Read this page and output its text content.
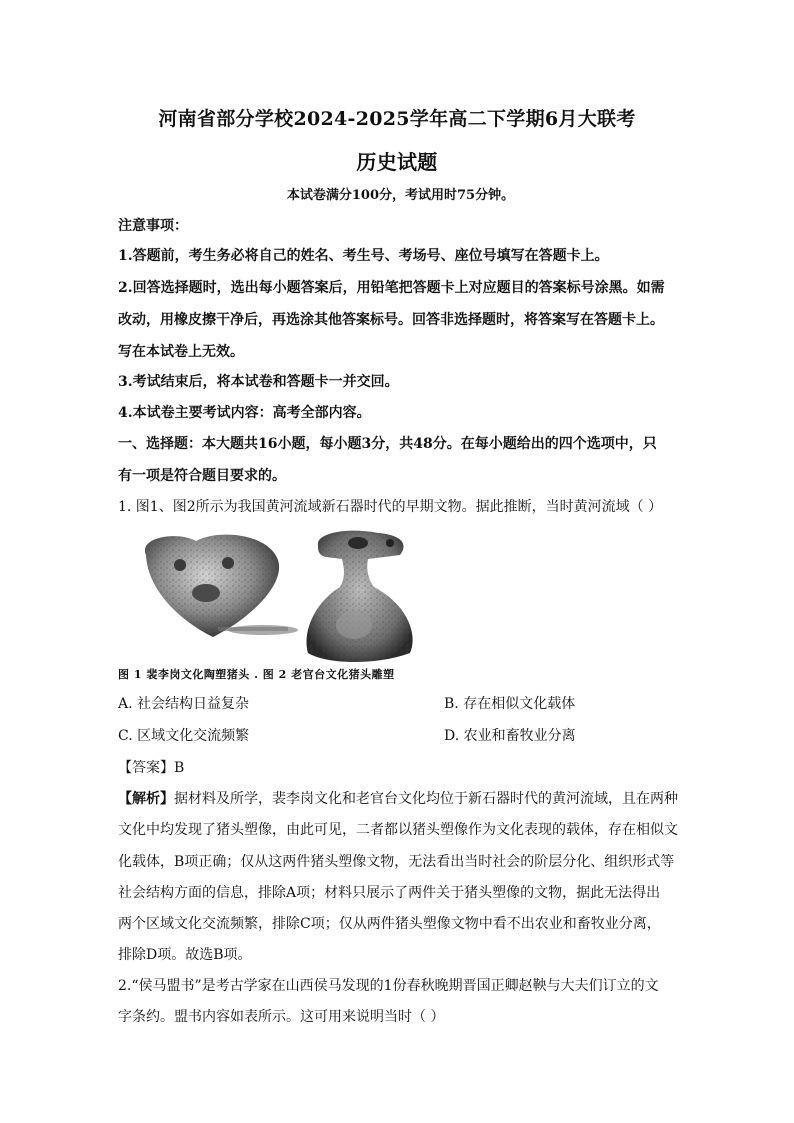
河南省部分学校2024-2025学年高二下学期6月大联考
历史试题
本试卷满分100分，考试用时75分钟。
注意事项：
1.答题前，考生务必将自己的姓名、考生号、考场号、座位号填写在答题卡上。
2.回答选择题时，选出每小题答案后，用铅笔把答题卡上对应题目的答案标号涂黑。如需
改动，用橡皮擦干净后，再选涂其他答案标号。回答非选择题时，将答案写在答题卡上。
写在本试卷上无效。
3.考试结束后，将本试卷和答题卡一并交回。
4.本试卷主要考试内容：高考全部内容。
一、选择题：本大题共16小题，每小题3分，共48分。在每小题给出的四个选项中，只
有一项是符合题目要求的。
1. 图1、图2所示为我国黄河流域新石器时代的早期文物。据此推断，当时黄河流域（ ）
图 1 裴李岗文化陶塑猪头 . 图 2 老官台文化猪头雕塑
A. 社会结构日益复杂	B. 存在相似文化载体
C. 区域文化交流频繁	D. 农业和畜牧业分离
【答案】B
【解析】据材料及所学，裴李岗文化和老官台文化均位于新石器时代的黄河流域，且在两种
文化中均发现了猪头塑像，由此可见，二者都以猪头塑像作为文化表现的载体，存在相似文
化载体，B项正确；仅从这两件猪头塑像文物，无法看出当时社会的阶层分化、组织形式等
社会结构方面的信息，排除A项；材料只展示了两件关于猪头塑像的文物，据此无法得出
两个区域文化交流频繁，排除C项；仅从两件猪头塑像文物中看不出农业和畜牧业分离，
排除D项。故选B项。
2.“侯马盟书”是考古学家在山西侯马发现的1份春秋晚期晋国正卿赵鞅与大夫们订立的文
字条约。盟书内容如表所示。这可用来说明当时（ ）
